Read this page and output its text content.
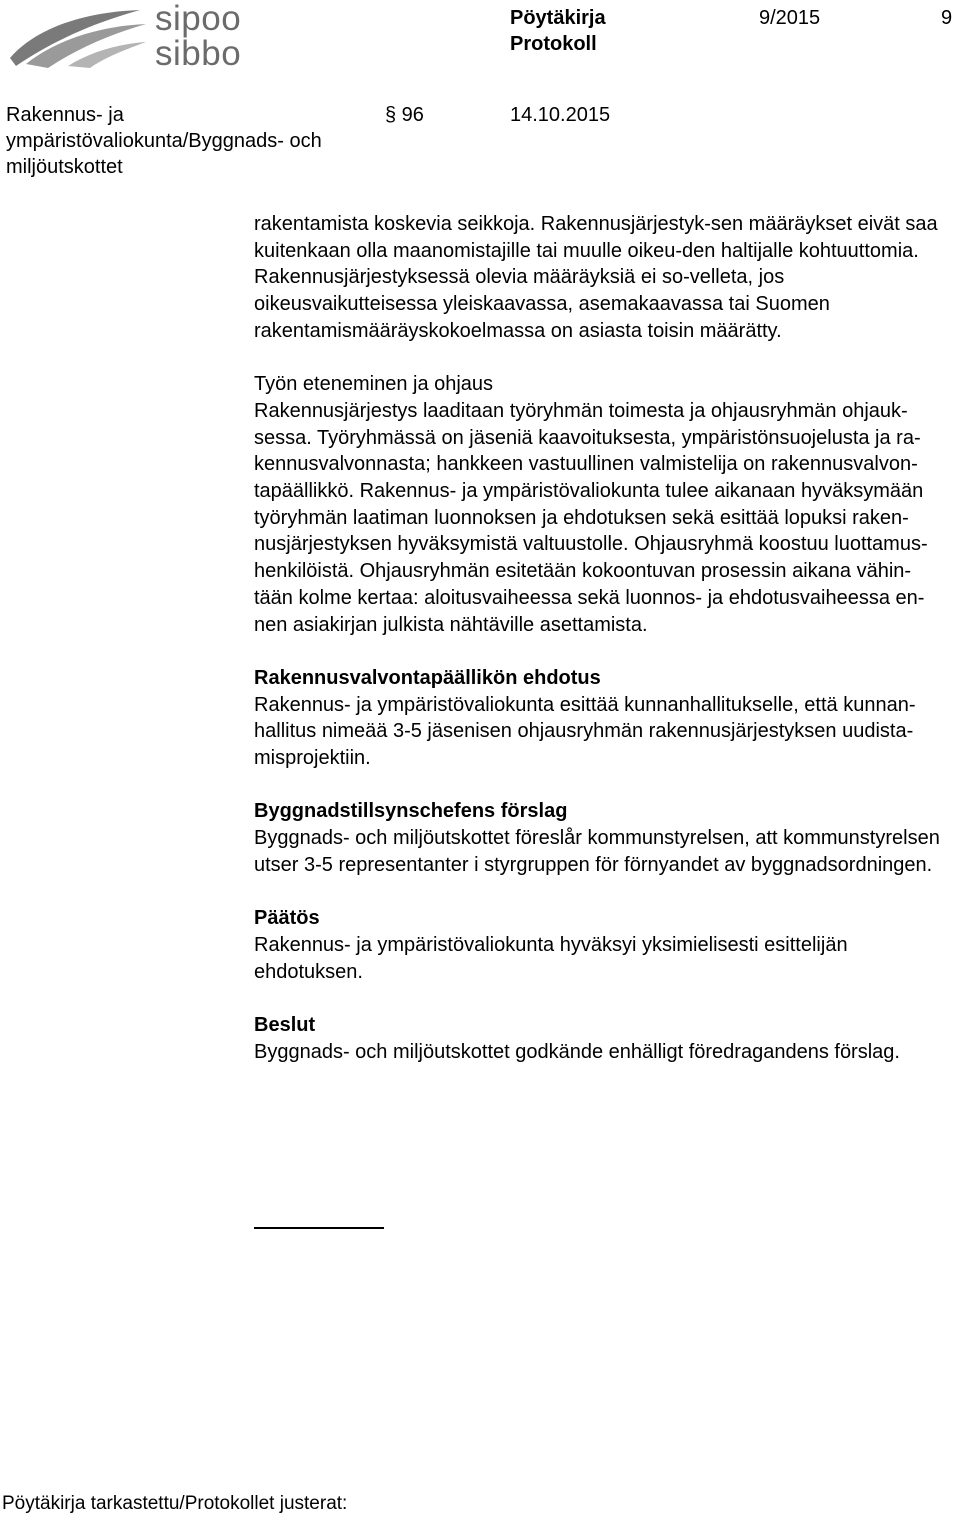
sipoo
sibbo
Pöytäkirja
Protokoll
9/2015	9
Rakennus- ja
ympäristövaliokunta/Byggnads- och
miljöutskottet
§ 96	14.10.2015

rakentamista koskevia seikkoja. Rakennusjärjestyk-sen määräykset eivät saa kuitenkaan olla maanomistajille tai muulle oikeu-den haltijalle kohtuuttomia. Rakennusjärjestyksessä olevia määräyksiä ei so-velleta, jos oikeusvaikutteisessa yleiskaavassa, asemakaavassa tai Suomen rakentamismääräyskokoelmassa on asiasta toisin määrätty.

Työn eteneminen ja ohjaus

Rakennusjärjestys laaditaan työryhmän toimesta ja ohjausryhmän ohjauk-sessa. Työryhmässä on jäseniä kaavoituksesta, ympäristönsuojelusta ja ra-kennusvalvonnasta; hankkeen vastuullinen valmistelija on rakennusvalvon-tapäällikkö. Rakennus- ja ympäristövaliokunta tulee aikanaan hyväksymään työryhmän laatiman luonnoksen ja ehdotuksen sekä esittää lopuksi raken-nusjärjestyksen hyväksymistä valtuustolle. Ohjausryhmä koostuu luottamus-henkilöistä. Ohjausryhmän esitetään kokoontuvan prosessin aikana vähin-tään kolme kertaa: aloitusvaiheessa sekä luonnos- ja ehdotusvaiheessa en-nen asiakirjan julkista nähtäville asettamista.

Rakennusvalvontapäällikön ehdotus

Rakennus- ja ympäristövaliokunta esittää kunnanhallitukselle, että kunnan-hallitus nimeää 3-5 jäsenisen ohjausryhmän rakennusjärjestyksen uudista-misprojektiin.

Byggnadstillsynschefens förslag

Byggnads- och miljöutskottet föreslår kommunstyrelsen, att kommunstyrelsen utser 3-5 representanter i styrgruppen för förnyandet av byggnadsordningen.

Päätös

Rakennus- ja ympäristövaliokunta hyväksyi yksimielisesti esittelijän ehdotuksen.

Beslut

Byggnads- och miljöutskottet godkände enhälligt föredragandens förslag.

Pöytäkirja tarkastettu/Protokollet justerat:
